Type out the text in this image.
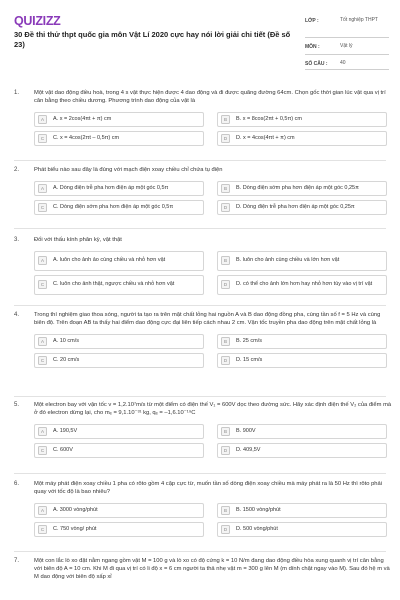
QUIZIZZ
30 Đề thi thử thpt quốc gia môn Vật Lí 2020 cực hay nói lời giải chi tiết (Đề số 23)
LỚP :	Tốt nghiệp THPT
MÔN :	Vật lý
SỐ CÂU :	40
1.	Một vật dao động điều hoà, trong 4 s vật thực hiện được 4 dao động và đi được quãng đường 64cm. Chọn gốc thời gian lúc vật qua vị trí cân bằng theo chiều dương. Phương trình dao động của vật là
A	A. x = 2cos(4πt + π) cm	B	B. x = 8cos(2πt + 0,5π) cm
C	C. x = 4cos(2πt – 0,5π) cm	D	D. x = 4cos(4πt + π) cm
2.	Phát biểu nào sau đây là đúng với mạch điện xoay chiều chỉ chứa tụ điện
A	A. Dòng điện trễ pha hơn điện áp một góc 0,5π	B	B. Dòng điện sớm pha hơn điện áp một góc 0,25π
C	C. Dòng điện sớm pha hơn điện áp một góc 0,5π	D	D. Dòng điện trễ pha hơn điện áp một góc 0,25π
3.	Đối với thấu kính phân kỳ, vật thật
A	A. luôn cho ảnh ảo cùng chiều và nhỏ hơn vật	B	B. luôn cho ảnh cùng chiều và lớn hơn vật
C	C. luôn cho ảnh thật, ngược chiều và nhỏ hơn vật	D	D. có thể cho ảnh lớn hơn hay nhỏ hơn tùy vào vị trí vật
4.	Trong thí nghiệm giao thoa sóng, người ta tạo ra trên mặt chất lỏng hai nguồn A và B dao động đồng pha, cùng tần số f = 5 Hz và cùng biên độ. Trên đoạn AB ta thấy hai điểm dao động cực đại liên tiếp cách nhau 2 cm. Vận tốc truyền pha dao động trên mặt chất lỏng là
A	A. 10 cm/s	B	B. 25 cm/s
C	C. 20 cm/s	D	D. 15 cm/s
5.	Một electron bay với vận tốc v = 1,2.10⁷m/s từ một điểm có điện thế V₁ = 600V dọc theo đường sức. Hãy xác định điện thế V₂ của điểm mà ở đó electron dừng lại, cho mₑ = 9,1.10⁻³¹ kg, qₑ = –1,6.10⁻¹⁹C
A	A. 190,5V	B	B. 900V
C	C. 600V	D	D. 409,5V
6.	Một máy phát điện xoay chiều 1 pha có rôto gồm 4 cặp cực từ, muốn tần số dòng điện xoay chiều mà máy phát ra là 50 Hz thì rôto phải quay với tốc độ là bao nhiêu?
A	A. 3000 vòng/phút	B	B. 1500 vòng/phút
C	C. 750 vòng/ phút	D	D. 500 vòng/phút
7.	Một con lắc lò xo đặt nằm ngang gồm vật M = 100 g và lò xo có độ cứng k = 10 N/m đang dao động điều hòa xung quanh vị trí cân bằng với biên độ A = 10 cm. Khi M đi qua vị trí có li độ x = 6 cm người ta thả nhẹ vật m = 300 g lên M (m dính chặt ngay vào M). Sau đó hệ m và M dao động với biên độ xấp xỉ
